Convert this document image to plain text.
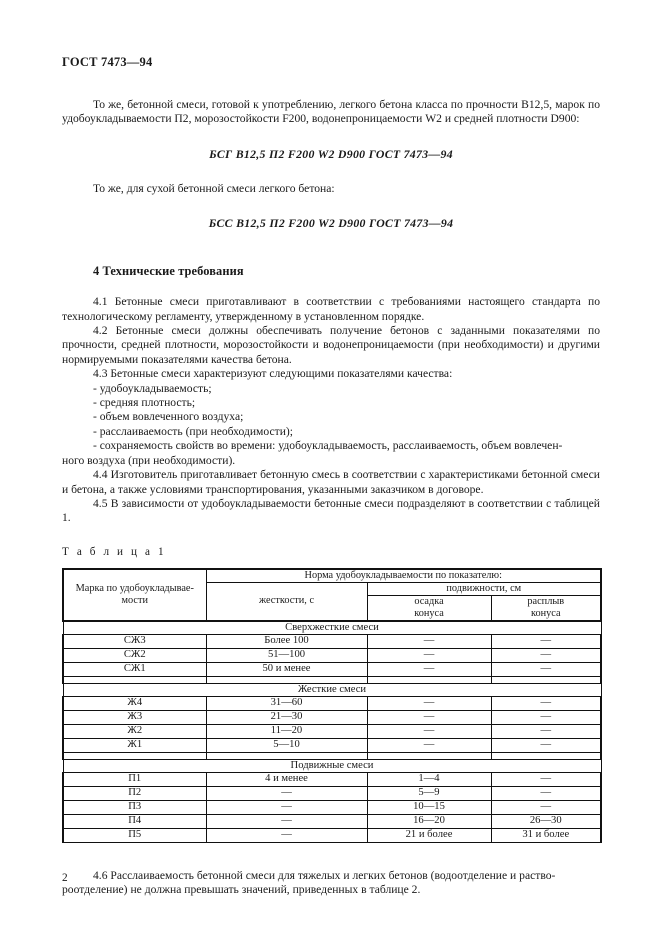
ГОСТ 7473—94

То же, бетонной смеси, готовой к употреблению, легкого бетона класса по прочности B12,5, марок по удобоукладываемости П2, морозостойкости F200, водонепроницаемости W2 и средней плотности D900:

БСГ B12,5 П2 F200 W2 D900 ГОСТ 7473—94

То же, для сухой бетонной смеси легкого бетона:

БСС B12,5 П2 F200 W2 D900 ГОСТ 7473—94

4 Технические требования

4.1 Бетонные смеси приготавливают в соответствии с требованиями настоящего стандарта по технологическому регламенту, утвержденному в установленном порядке.

4.2 Бетонные смеси должны обеспечивать получение бетонов с заданными показателями по прочности, средней плотности, морозостойкости и водонепроницаемости (при необходимости) и другими нормируемыми показателями качества бетона.

4.3 Бетонные смеси характеризуют следующими показателями качества:

- удобоукладываемость;

- средняя плотность;

- объем вовлеченного воздуха;

- расслаиваемость (при необходимости);

- сохраняемость свойств во времени: удобоукладываемость, расслаиваемость, объем вовлечен-

ного воздуха (при необходимости).

4.4 Изготовитель приготавливает бетонную смесь в соответствии с характеристиками бетонной смеси и бетона, а также условиями транспортирования, указанными заказчиком в договоре.

4.5 В зависимости от удобоукладываемости бетонные смеси подразделяют в соответствии с таблицей 1.

Т а б л и ц а 1

Марка по удобоукладывае-
мости	Норма удобоукладываемости по показателю:		
	жесткости, с	подвижности, см	

осадка
конуса

расплыв
конуса

Сверхжесткие смеси			
СЖ3	Более 100	—	—
СЖ2	51—100	—	—
СЖ1	50 и менее	—	—

Жесткие смеси			
Ж4	31—60	—	—
Ж3	21—30	—	—
Ж2	11—20	—	—
Ж1	5—10	—	—

Подвижные смеси			
П1	4 и менее	1—4	—
П2	—	5—9	—
П3	—	10—15	—
П4	—	16—20	26—30
П5	—	21 и более	31 и более

4.6 Расслаиваемость бетонной смеси для тяжелых и легких бетонов (водоотделение и раство-

роотделение) не должна превышать значений, приведенных в таблице 2.

2
